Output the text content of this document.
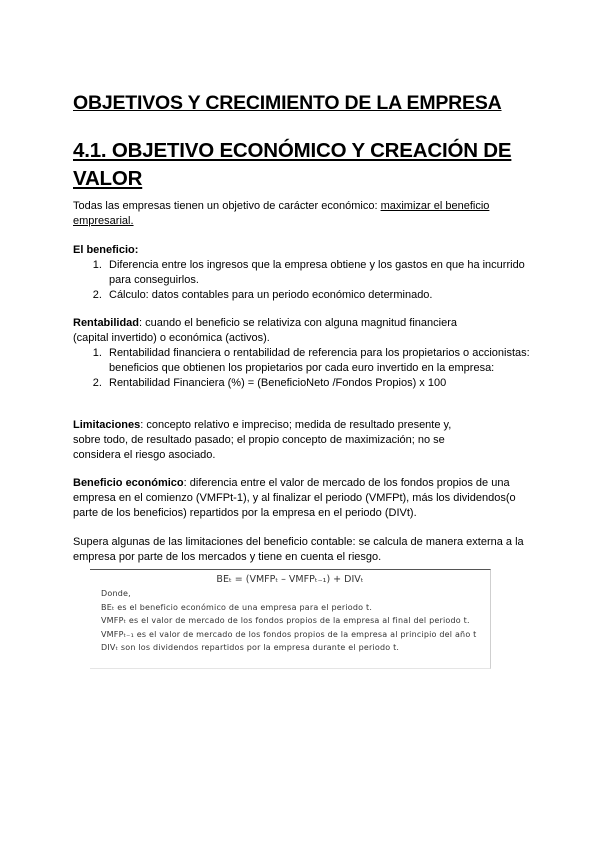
OBJETIVOS Y CRECIMIENTO DE LA EMPRESA
4.1. OBJETIVO ECONÓMICO Y CREACIÓN DE VALOR
Todas las empresas tienen un objetivo de carácter económico: maximizar el beneficio empresarial.
El beneficio:
1. Diferencia entre los ingresos que la empresa obtiene y los gastos en que ha incurrido para conseguirlos.
2. Cálculo: datos contables para un periodo económico determinado.
Rentabilidad: cuando el beneficio se relativiza con alguna magnitud financiera (capital invertido) o económica (activos).
1. Rentabilidad financiera o rentabilidad de referencia para los propietarios o accionistas: beneficios que obtienen los propietarios por cada euro invertido en la empresa:
2. Rentabilidad Financiera (%) = (BeneficioNeto /Fondos Propios) x 100
Limitaciones: concepto relativo e impreciso; medida de resultado presente y, sobre todo, de resultado pasado; el propio concepto de maximización; no se considera el riesgo asociado.
Beneficio económico: diferencia entre el valor de mercado de los fondos propios de una empresa en el comienzo (VMFPt-1), y al finalizar el periodo (VMFPt), más los dividendos(o parte de los beneficios) repartidos por la empresa en el periodo (DIVt).
Supera algunas de las limitaciones del beneficio contable: se calcula de manera externa a la empresa por parte de los mercados y tiene en cuenta el riesgo.
BEₜ = (VMFPₜ – VMFPₜ₋₁) + DIVₜ
Donde,
BEₜ es el beneficio económico de una empresa para el periodo t.
VMFPₜ es el valor de mercado de los fondos propios de la empresa al final del periodo t.
VMFPₜ₋₁ es el valor de mercado de los fondos propios de la empresa al principio del año t
DIVₜ son los dividendos repartidos por la empresa durante el periodo t.
